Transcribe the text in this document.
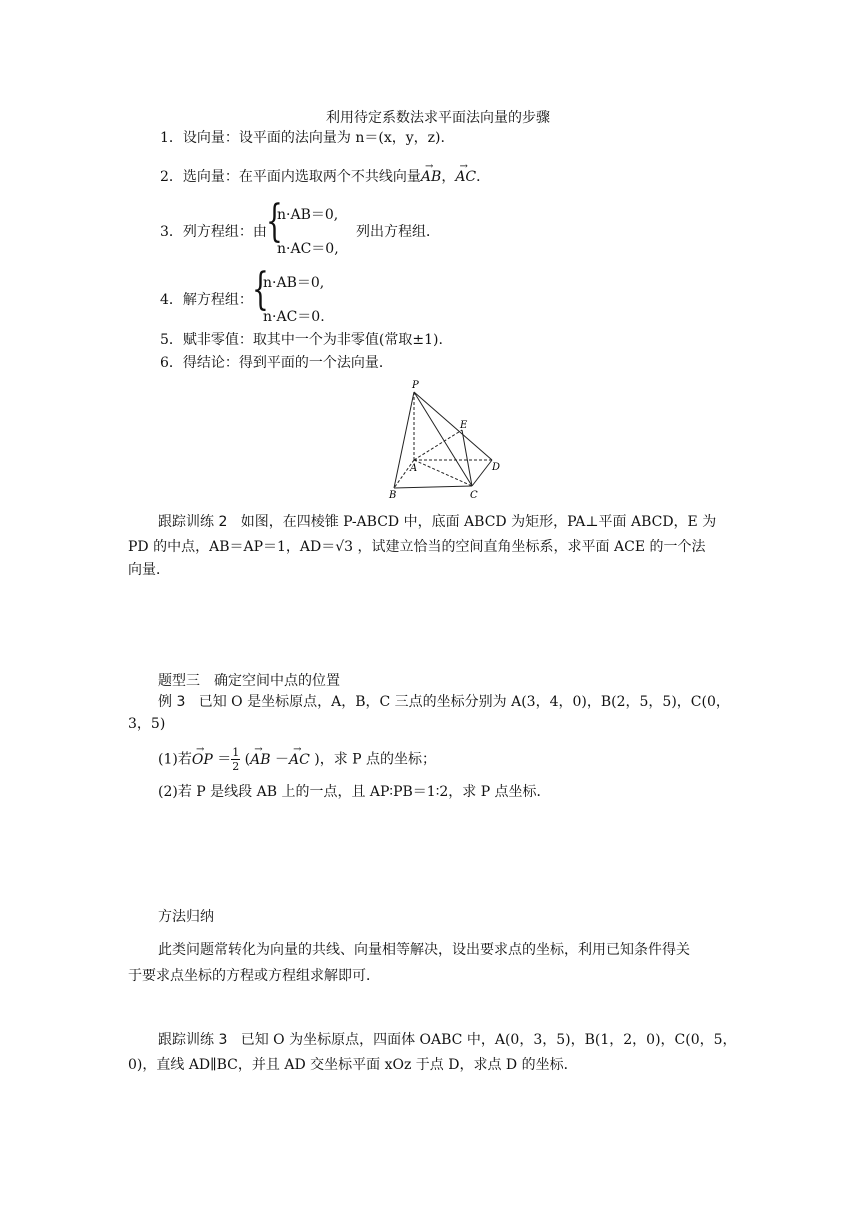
利用待定系数法求平面法向量的步骤
1．设向量：设平面的法向量为 n＝(x，y，z).
2．选向量：在平面内选取两个不共线向量→ AB，→ AC．
3．列方程组：由 {
n·AB＝0,
n·AC＝0,
列出方程组．
4．解方程组： {
n·AB＝0,
n·AC＝0.
5．赋非零值：取其中一个为非零值(常取±1).
6．得结论：得到平面的一个法向量．
P
E
A	D
B	C
跟踪训练 2 如图，在四棱锥 P-ABCD 中，底面 ABCD 为矩形，PA⊥平面 ABCD，E 为
PD 的中点，AB＝AP＝1，AD＝√3 ，试建立恰当的空间直角坐标系，求平面 ACE 的一个法
向量．
题型三　确定空间中点的位置
例 3 已知 O 是坐标原点，A，B，C 三点的坐标分别为 A(3，4，0)，B(2，5，5)，C(0，
3，5)
(1)若→ OP ＝ $\frac{1}{2}$ (→ AB －→ AC )，求 P 点的坐标；
(2)若 P 是线段 AB 上的一点，且 AP∶PB＝1∶2，求 P 点坐标．
方法归纳
此类问题常转化为向量的共线、向量相等解决，设出要求点的坐标，利用已知条件得关
于要求点坐标的方程或方程组求解即可．
跟踪训练 3 已知 O 为坐标原点，四面体 OABC 中，A(0，3，5)，B(1，2，0)，C(0，5，
0)，直线 AD∥BC，并且 AD 交坐标平面 xOz 于点 D，求点 D 的坐标．
